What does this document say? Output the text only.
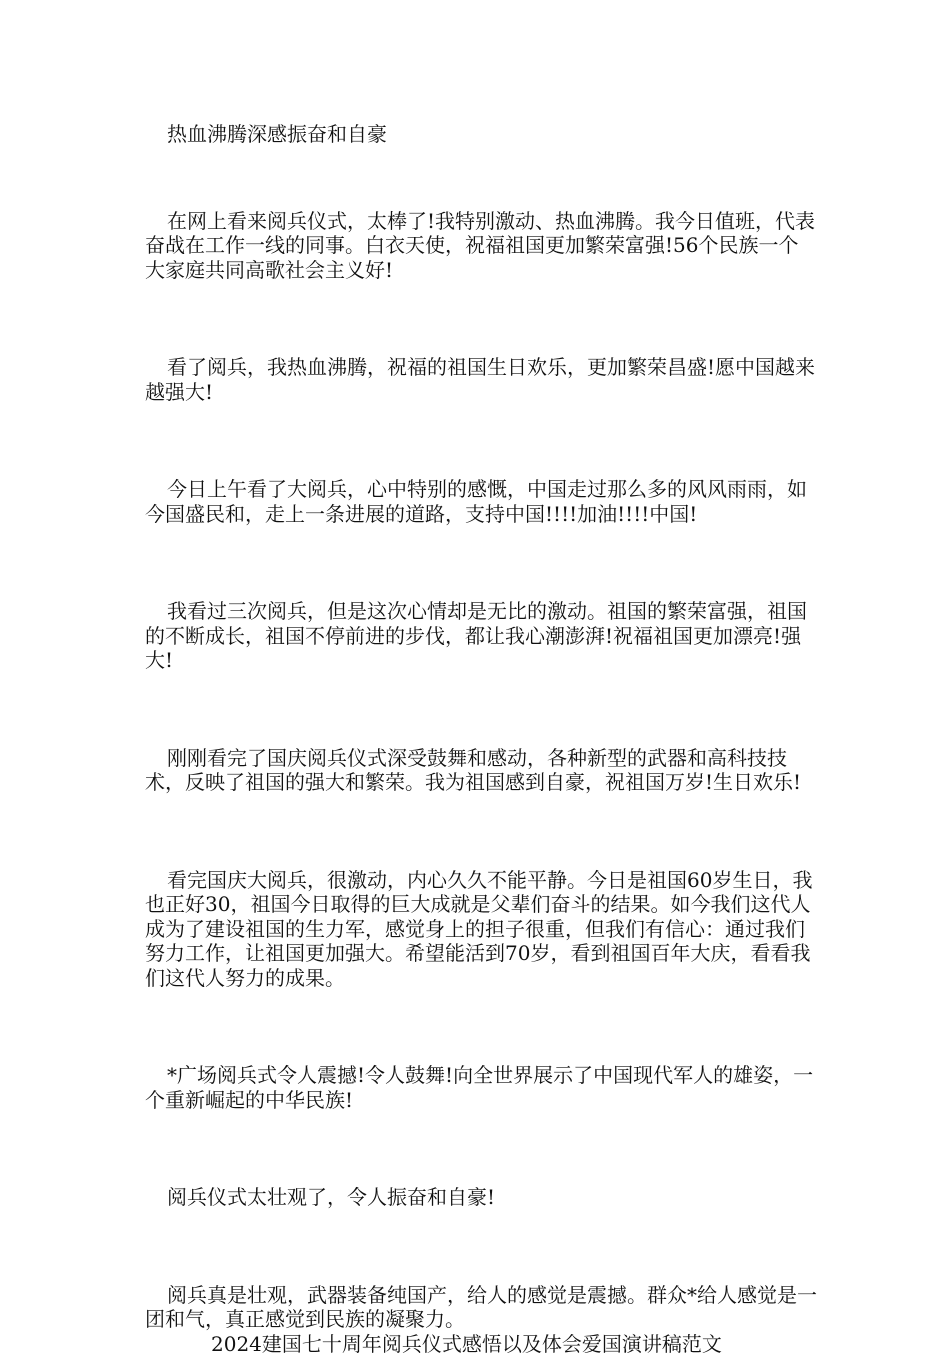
热血沸腾深感振奋和自豪

在网上看来阅兵仪式，太棒了!我特别激动、热血沸腾。我今日值班，代表奋战在工作一线的同事。白衣天使，祝福祖国更加繁荣富强!56个民族一个大家庭共同高歌社会主义好!

看了阅兵，我热血沸腾，祝福的祖国生日欢乐，更加繁荣昌盛!愿中国越来越强大!

今日上午看了大阅兵，心中特别的感慨，中国走过那么多的风风雨雨，如今国盛民和，走上一条进展的道路，支持中国!!!!加油!!!!中国!

我看过三次阅兵，但是这次心情却是无比的激动。祖国的繁荣富强，祖国的不断成长，祖国不停前进的步伐，都让我心潮澎湃!祝福祖国更加漂亮!强大!

刚刚看完了国庆阅兵仪式深受鼓舞和感动，各种新型的武器和高科技技术，反映了祖国的强大和繁荣。我为祖国感到自豪，祝祖国万岁!生日欢乐!

看完国庆大阅兵，很激动，内心久久不能平静。今日是祖国60岁生日，我也正好30，祖国今日取得的巨大成就是父辈们奋斗的结果。如今我们这代人成为了建设祖国的生力军，感觉身上的担子很重，但我们有信心：通过我们努力工作，让祖国更加强大。希望能活到70岁，看到祖国百年大庆，看看我们这代人努力的成果。

*广场阅兵式令人震撼!令人鼓舞!向全世界展示了中国现代军人的雄姿，一个重新崛起的中华民族!

阅兵仪式太壮观了，令人振奋和自豪!

阅兵真是壮观，武器装备纯国产，给人的感觉是震撼。群众*给人感觉是一团和气，真正感觉到民族的凝聚力。

2024建国七十周年阅兵仪式感悟以及体会爱国演讲稿范文
